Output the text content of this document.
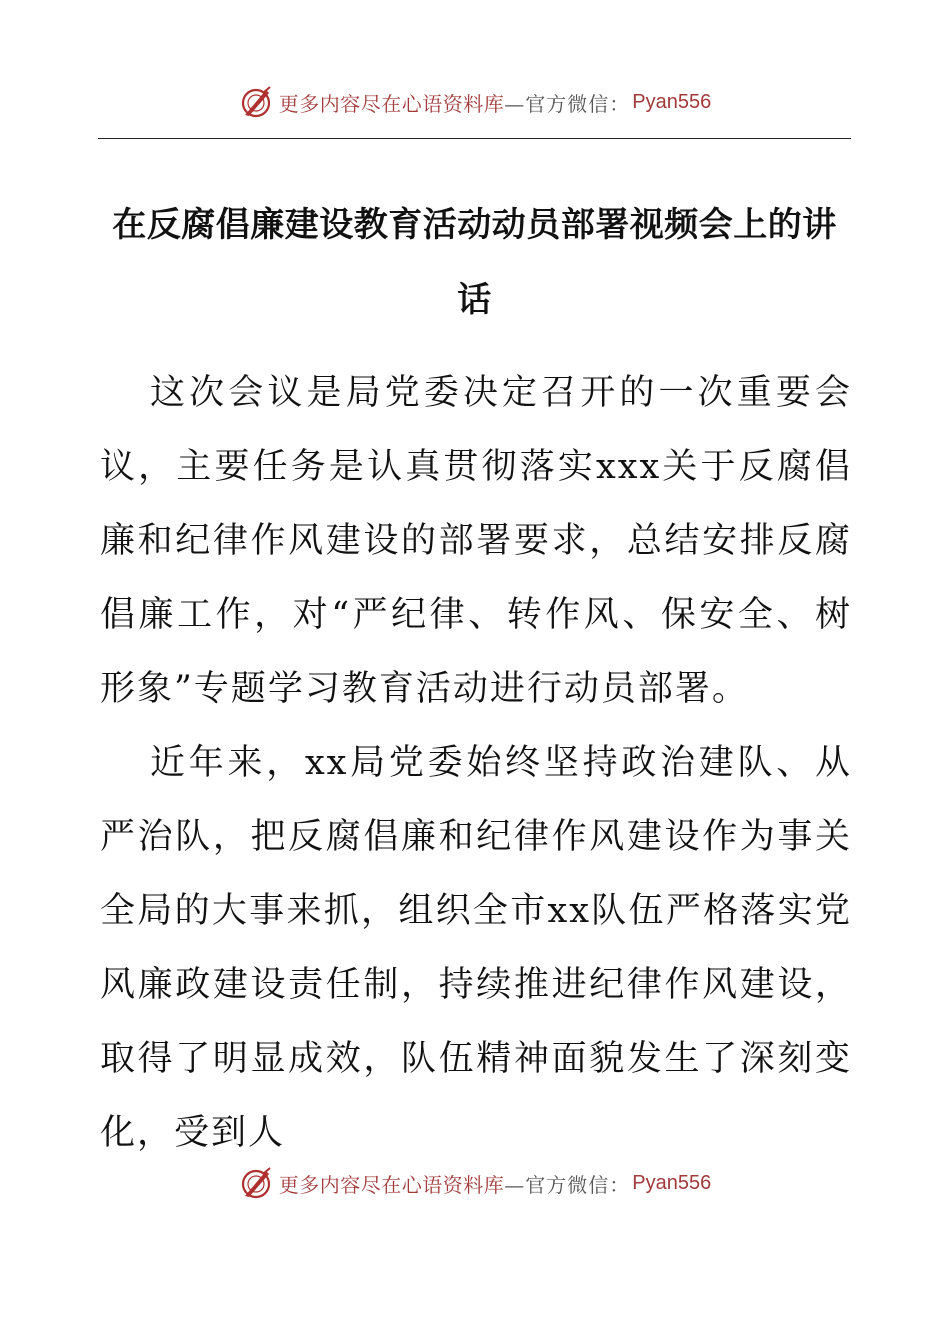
更多内容尽在心语资料库 —官方微信： Pyan556
在反腐倡廉建设教育活动动员部署视频会上的讲话

这次会议是局党委决定召开的一次重要会议，主要任务是认真贯彻落实xxx关于反腐倡廉和纪律作风建设的部署要求，总结安排反腐倡廉工作，对“严纪律、转作风、保安全、树形象”专题学习教育活动进行动员部署。

近年来，xx局党委始终坚持政治建队、从严治队，把反腐倡廉和纪律作风建设作为事关全局的大事来抓，组织全市xx队伍严格落实党风廉政建设责任制，持续推进纪律作风建设，取得了明显成效，队伍精神面貌发生了深刻变化，受到人

更多内容尽在心语资料库 —官方微信： Pyan556
